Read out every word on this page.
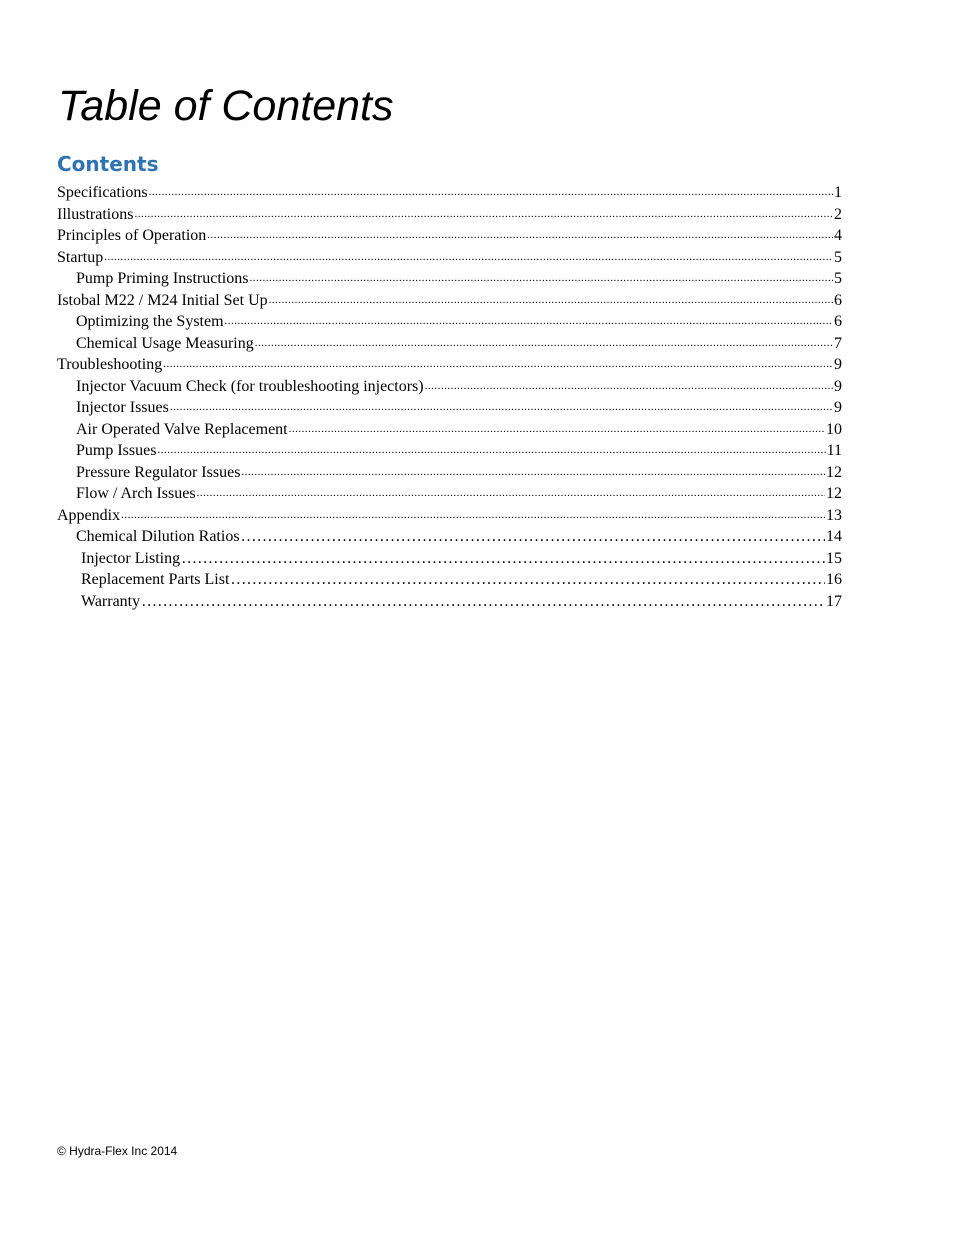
Table of Contents
Contents
Specifications .....	1
Illustrations .....	2
Principles of Operation .....	4
Startup .....	5
Pump Priming Instructions .....	5
Istobal M22 / M24 Initial Set Up .....	6
Optimizing the System .....	6
Chemical Usage Measuring .....	7
Troubleshooting .....	9
Injector Vacuum Check (for troubleshooting injectors) .....	9
Injector Issues .....	9
Air Operated Valve Replacement .....	10
Pump Issues .....	11
Pressure Regulator Issues .....	12
Flow / Arch Issues .....	12
Appendix .....	13
Chemical Dilution Ratios ………………………………………………………………………………………………………………………………………………………………………………………………………………………………	14
Injector Listing ………………………………………………………………………………………………………………………………………………………………………………………………………………………………	15
Replacement Parts List ………………………………………………………………………………………………………………………………………………………………………………………………………………………………	16
Warranty ………………………………………………………………………………………………………………………………………………………………………………………………………………………………	17
© Hydra-Flex Inc 2014
